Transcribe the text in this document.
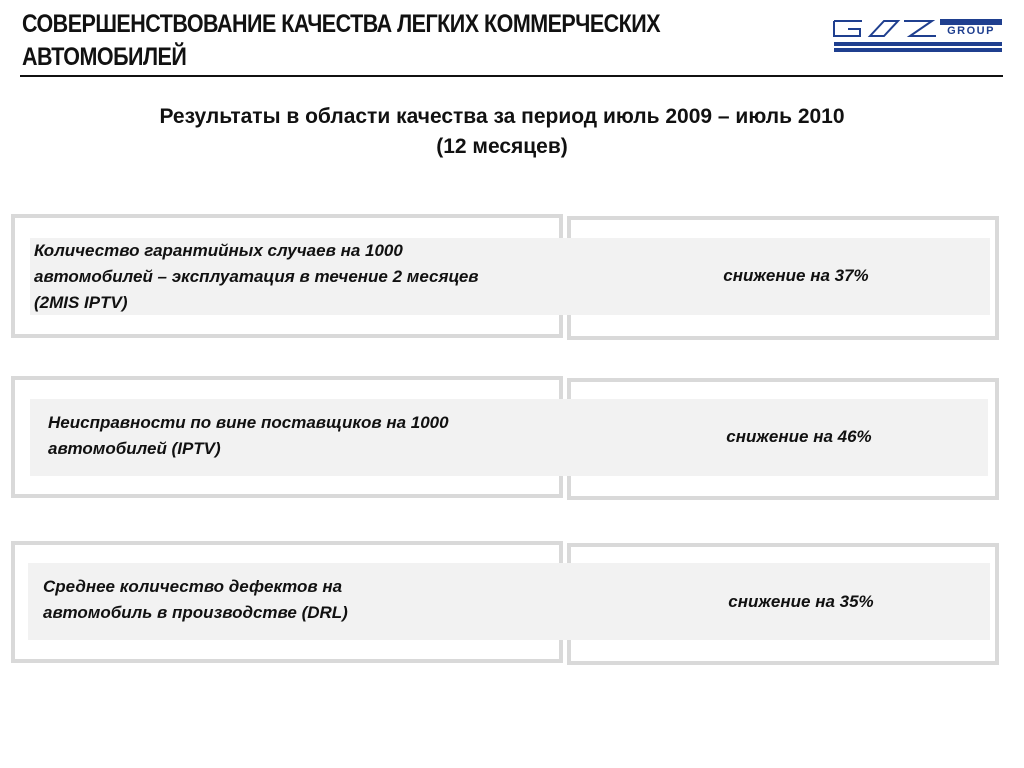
СОВЕРШЕНСТВОВАНИЕ КАЧЕСТВА ЛЕГКИХ КОММЕРЧЕСКИХ
АВТОМОБИЛЕЙ
GROUP
Результаты в области качества за период июль 2009 – июль 2010
(12 месяцев)

Количество гарантийных случаев на 1000 автомобилей – эксплуатация в течение 2 месяцев (2MIS IPTV)

снижение на 37%

Неисправности по вине поставщиков на 1000 автомобилей (IPTV)

снижение на 46%

Среднее количество дефектов на автомобиль в производстве (DRL)

снижение на 35%
